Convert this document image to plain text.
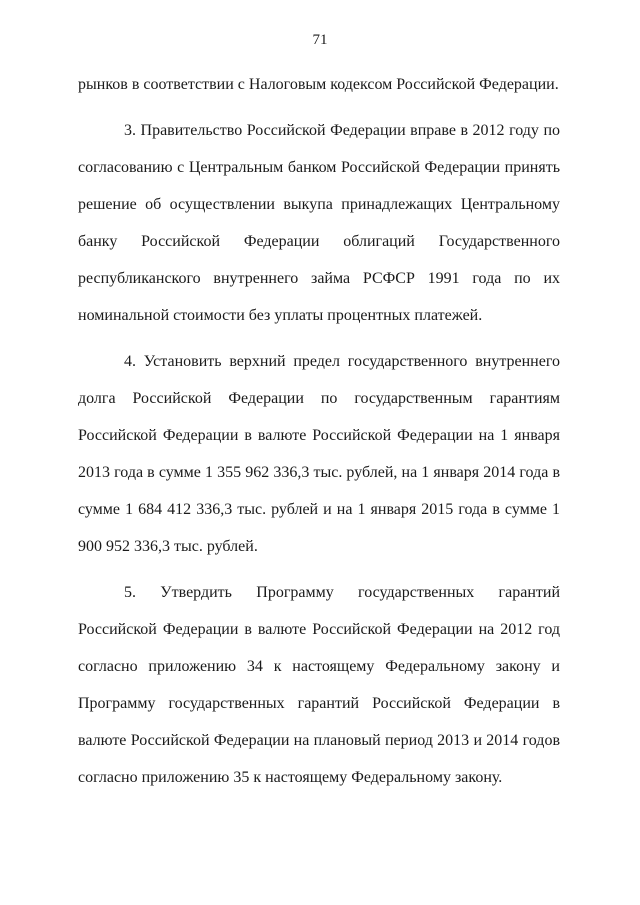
71

рынков в соответствии с Налоговым кодексом Российской Федерации.

3. Правительство Российской Федерации вправе в 2012 году по согласованию с Центральным банком Российской Федерации принять решение об осуществлении выкупа принадлежащих Центральному банку Российской Федерации облигаций Государственного республиканского внутреннего займа РСФСР 1991 года по их номинальной стоимости без уплаты процентных платежей.

4. Установить верхний предел государственного внутреннего долга Российской Федерации по государственным гарантиям Российской Федерации в валюте Российской Федерации на 1 января 2013 года в сумме 1 355 962 336,3 тыс. рублей, на 1 января 2014 года в сумме 1 684 412 336,3 тыс. рублей и на 1 января 2015 года в сумме 1 900 952 336,3 тыс. рублей.

5. Утвердить Программу государственных гарантий Российской Федерации в валюте Российской Федерации на 2012 год согласно приложению 34 к настоящему Федеральному закону и Программу государственных гарантий Российской Федерации в валюте Российской Федерации на плановый период 2013 и 2014 годов согласно приложению 35 к настоящему Федеральному закону.
